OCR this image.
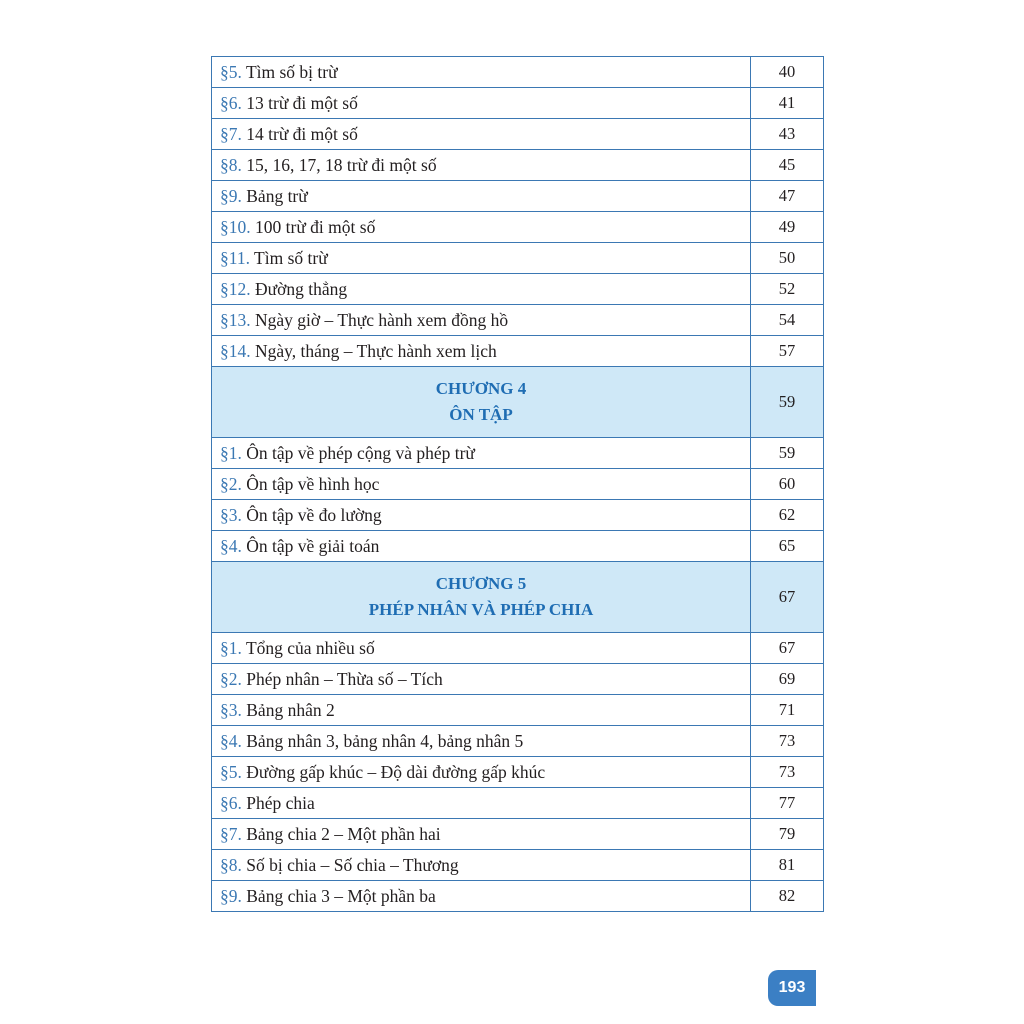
§5. Tìm số bị trừ	40
§6. 13 trừ đi một số	41
§7. 14 trừ đi một số	43
§8. 15, 16, 17, 18 trừ đi một số	45
§9. Bảng trừ	47
§10. 100 trừ đi một số	49
§11. Tìm số trừ	50
§12. Đường thẳng	52
§13. Ngày giờ – Thực hành xem đồng hồ	54
§14. Ngày, tháng – Thực hành xem lịch	57

CHƯƠNG 4
ÔN TẬP	59
§1. Ôn tập về phép cộng và phép trừ	59
§2. Ôn tập về hình học	60
§3. Ôn tập về đo lường	62
§4. Ôn tập về giải toán	65

CHƯƠNG 5
PHÉP NHÂN VÀ PHÉP CHIA	67
§1. Tổng của nhiều số	67
§2. Phép nhân – Thừa số – Tích	69
§3. Bảng nhân 2	71
§4. Bảng nhân 3, bảng nhân 4, bảng nhân 5	73
§5. Đường gấp khúc – Độ dài đường gấp khúc	73
§6. Phép chia	77
§7. Bảng chia 2 – Một phần hai	79
§8. Số bị chia – Số chia – Thương	81
§9. Bảng chia 3 – Một phần ba	82
193
